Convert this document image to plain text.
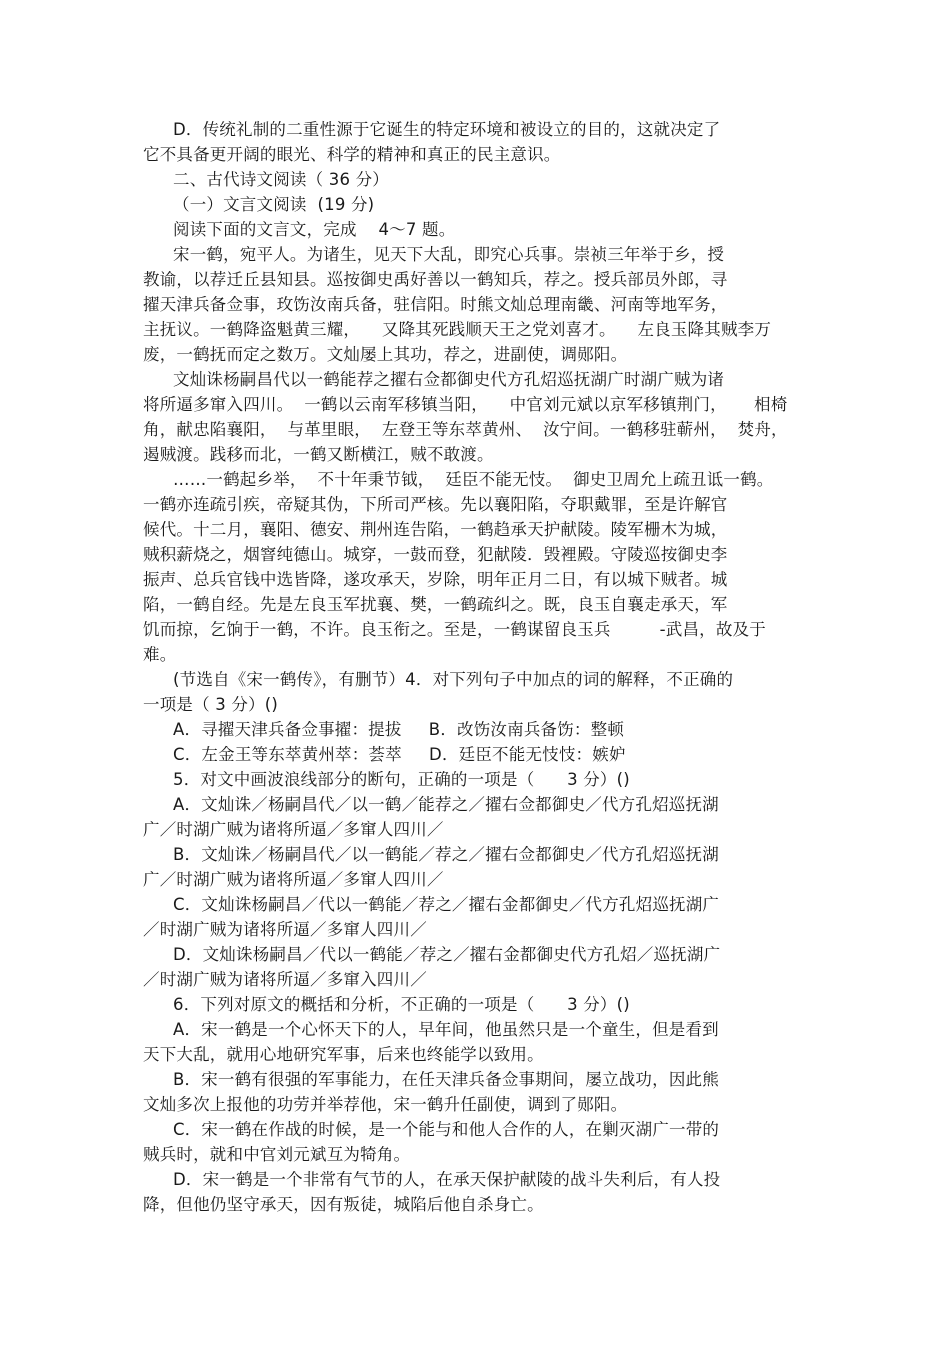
D．传统礼制的二重性源于它诞生的特定环境和被设立的目的，这就决定了
它不具备更开阔的眼光、科学的精神和真正的民主意识。
二、古代诗文阅读（ 36 分）
（一）文言文阅读  (19 分)
阅读下面的文言文，完成    4～7 题。
宋一鹤，宛平人。为诸生，见天下大乱，即究心兵事。崇祯三年举于乡，授
教谕，以荐迁丘县知县。巡按御史禹好善以一鹤知兵，荐之。授兵部员外郎，寻
擢天津兵备佥事，玫饬汝南兵备，驻信阳。时熊文灿总理南畿、河南等地军务，
主抚议。一鹤降盗魁黄三耀，    又降其死践顺天王之党刘喜才。    左良玉降其贼李万
废，一鹤抚而定之数万。文灿屡上其功，荐之，进副使，调郧阳。
文灿诛杨嗣昌代以一鹤能荐之擢右佥都御史代方孔炤巡抚湖广时湖广贼为诸
将所逼多窜入四川。  一鹤以云南军移镇当阳，    中官刘元斌以京军移镇荆门，     相椅
角，献忠陷襄阳，  与革里眼，  左登王等东萃黄州、  汝宁间。一鹤移驻蕲州，  焚舟，
遏贼渡。践移而北，一鹤又断横江，贼不敢渡。
……一鹤起乡举，  不十年秉节钺，  廷臣不能无忮。  御史卫周允上疏丑诋一鹤。
一鹤亦连疏引疾，帝疑其伪，下所司严核。先以襄阳陷，夺职戴罪，至是许解官
候代。十二月，襄阳、德安、荆州连告陷，一鹤趋承天护献陵。陵军栅木为城，
贼积薪烧之，烟窨纯德山。城穿，一鼓而登，犯献陵．毁裡殿。守陵巡按御史李
振声、总兵官钱中选皆降，遂攻承天，岁除，明年正月二日，有以城下贼者。城
陷，一鹤自经。先是左良玉军扰襄、樊，一鹤疏纠之。既，良玉自襄走承天，军
饥而掠，乞饷于一鹤，不许。良玉衔之。至是，一鹤谋留良玉兵         -武昌，故及于
难。
(节选自《宋一鹤传》，有删节）4．对下列句子中加点的词的解释，不正确的
一项是（ 3 分）()
A．寻擢天津兵备佥事擢：提拔     B．改饬汝南兵备饬：整顿
C．左金王等东萃黄州萃：荟萃     D．廷臣不能无忮忮：嫉妒
5．对文中画波浪线部分的断句，正确的一项是（      3 分）()
A．文灿诛／杨嗣昌代／以一鹤／能荐之／擢右佥都御史／代方孔炤巡抚湖
广／时湖广贼为诸将所逼／多窜人四川／
B．文灿诛／杨嗣昌代／以一鹤能／荐之／擢右佥都御史／代方孔炤巡抚湖
广／时湖广贼为诸将所逼／多窜人四川／
C．文灿诛杨嗣昌／代以一鹤能／荐之／擢右金都御史／代方孔炤巡抚湖广
／时湖广贼为诸将所逼／多窜人四川／
D．文灿诛杨嗣昌／代以一鹤能／荐之／擢右金都御史代方孔炤／巡抚湖广
／时湖广贼为诸将所逼／多窜入四川／
6．下列对原文的概括和分析，不正确的一项是（      3 分）()
A．宋一鹤是一个心怀天下的人，早年间，他虽然只是一个童生，但是看到
天下大乱，就用心地研究军事，后来也终能学以致用。
B．宋一鹤有很强的军事能力，在任天津兵备佥事期间，屡立战功，因此熊
文灿多次上报他的功劳并举荐他，宋一鹤升任副使，调到了郧阳。
C．宋一鹤在作战的时候，是一个能与和他人合作的人，在剿灭湖广一带的
贼兵时，就和中官刘元斌互为犄角。
D．宋一鹤是一个非常有气节的人，在承天保护献陵的战斗失利后，有人投
降，但他仍坚守承天，因有叛徒，城陷后他自杀身亡。
